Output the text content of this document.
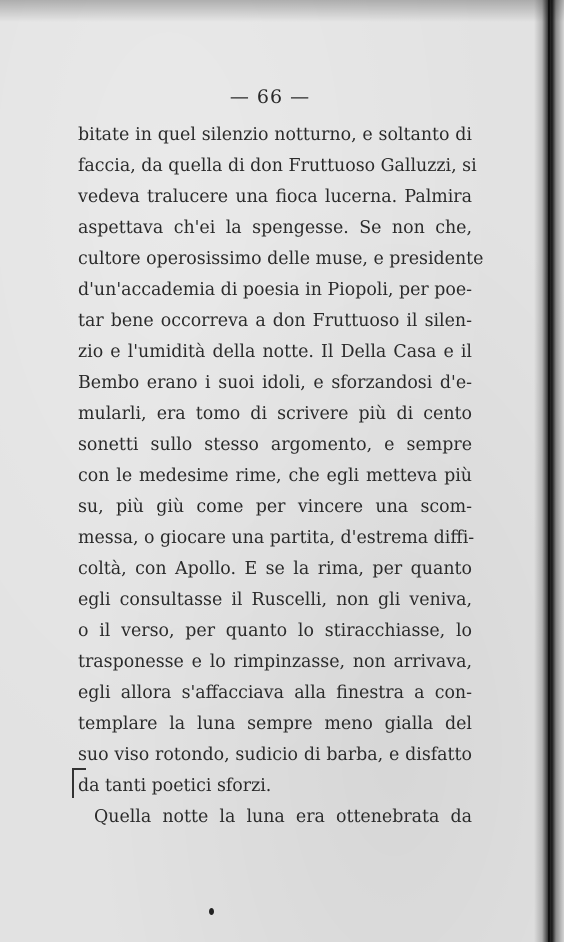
— 66 —
bitate in quel silenzio notturno, e soltanto di
faccia, da quella di don Fruttuoso Galluzzi, si
vedeva tralucere una fioca lucerna. Palmira
aspettava ch'ei la spengesse. Se non che,
cultore operosissimo delle muse, e presidente
d'un'accademia di poesia in Piopoli, per poe-
tar bene occorreva a don Fruttuoso il silen-
zio e l'umidità della notte. Il Della Casa e il
Bembo erano i suoi idoli, e sforzandosi d'e-
mularli, era tomo di scrivere più di cento
sonetti sullo stesso argomento, e sempre
con le medesime rime, che egli metteva più
su, più giù come per vincere una scom-
messa, o giocare una partita, d'estrema diffi-
coltà, con Apollo. E se la rima, per quanto
egli consultasse il Ruscelli, non gli veniva,
o il verso, per quanto lo stiracchiasse, lo
trasponesse e lo rimpinzasse, non arrivava,
egli allora s'affacciava alla finestra a con-
templare la luna sempre meno gialla del
suo viso rotondo, sudicio di barba, e disfatto
da tanti poetici sforzi.
Quella notte la luna era ottenebrata da
